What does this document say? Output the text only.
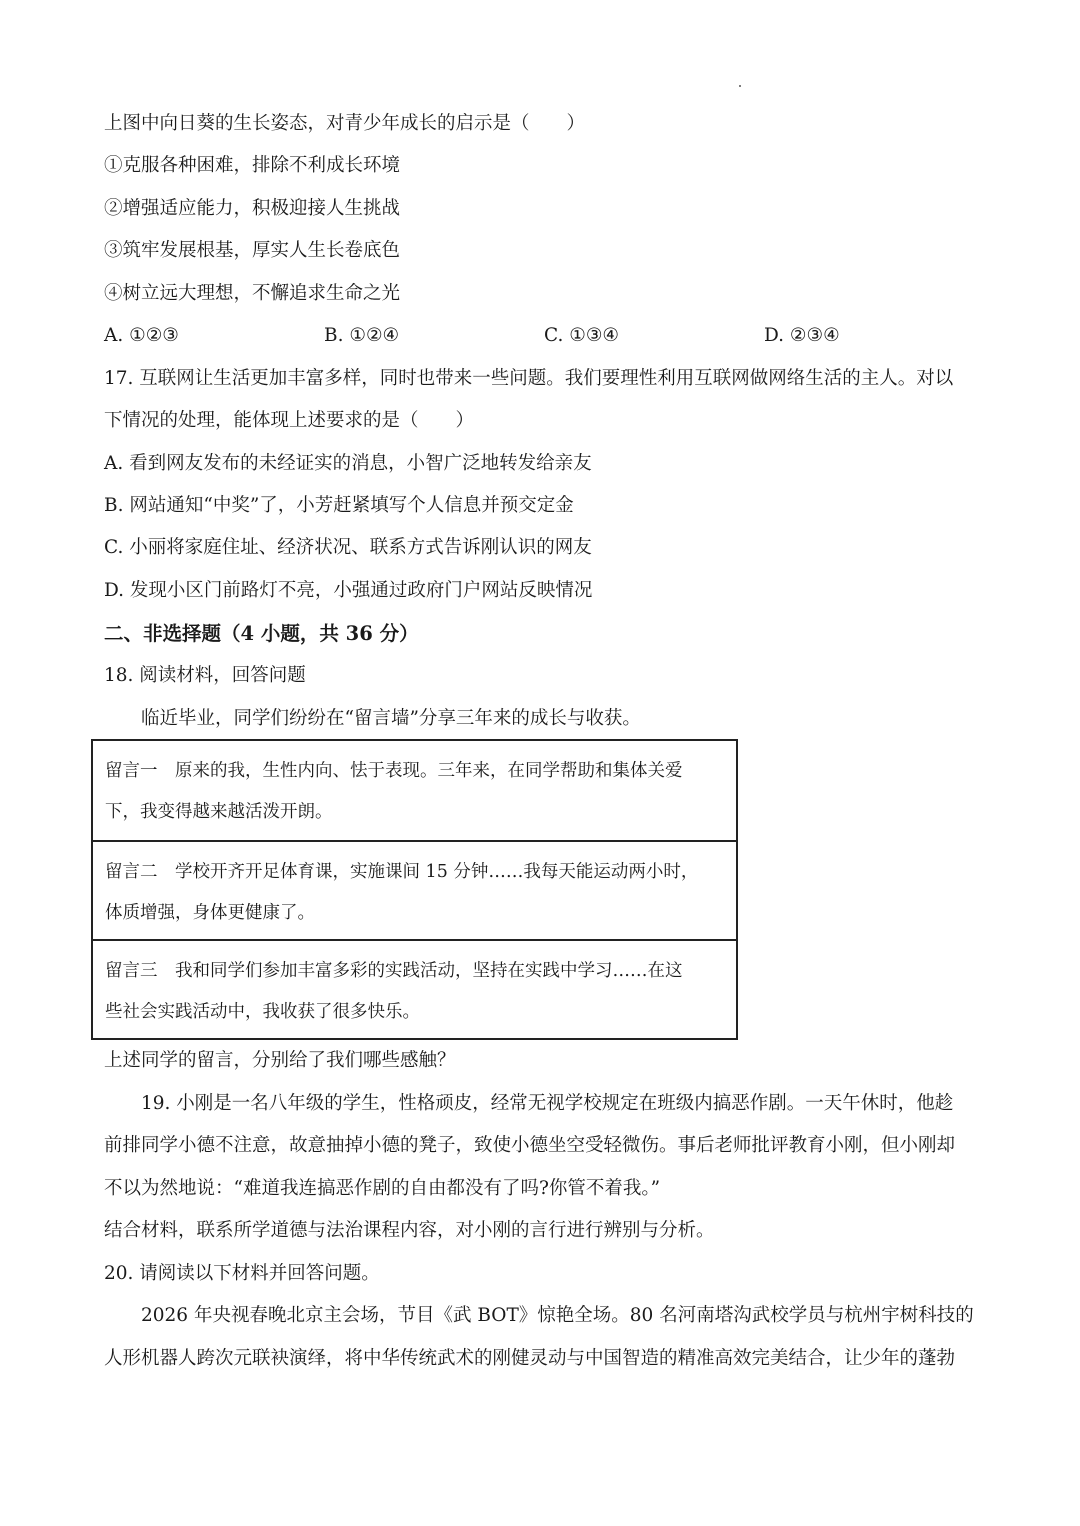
上图中向日葵的生长姿态，对青少年成长的启示是（　　）
①克服各种困难，排除不利成长环境
②增强适应能力，积极迎接人生挑战
③筑牢发展根基，厚实人生长卷底色
④树立远大理想，不懈追求生命之光
A. ①②③	B. ①②④	C. ①③④	D. ②③④
17. 互联网让生活更加丰富多样，同时也带来一些问题。我们要理性利用互联网做网络生活的主人。对以
下情况的处理，能体现上述要求的是（　　）
A. 看到网友发布的未经证实的消息，小智广泛地转发给亲友
B. 网站通知“中奖”了，小芳赶紧填写个人信息并预交定金
C. 小丽将家庭住址、经济状况、联系方式告诉刚认识的网友
D. 发现小区门前路灯不亮，小强通过政府门户网站反映情况
二、非选择题（4 小题，共 36 分）
18. 阅读材料，回答问题
临近毕业，同学们纷纷在“留言墙”分享三年来的成长与收获。
留言一　原来的我，生性内向、怯于表现。三年来，在同学帮助和集体关爱
下，我变得越来越活泼开朗。
留言二　学校开齐开足体育课，实施课间 15 分钟……我每天能运动两小时，
体质增强，身体更健康了。
留言三　我和同学们参加丰富多彩的实践活动，坚持在实践中学习……在这
些社会实践活动中，我收获了很多快乐。
上述同学的留言，分别给了我们哪些感触？
19. 小刚是一名八年级的学生，性格顽皮，经常无视学校规定在班级内搞恶作剧。一天午休时，他趁
前排同学小德不注意，故意抽掉小德的凳子，致使小德坐空受轻微伤。事后老师批评教育小刚，但小刚却
不以为然地说：“难道我连搞恶作剧的自由都没有了吗?你管不着我。”
结合材料，联系所学道德与法治课程内容，对小刚的言行进行辨别与分析。
20. 请阅读以下材料并回答问题。
2026 年央视春晚北京主会场，节目《武 BOT》惊艳全场。80 名河南塔沟武校学员与杭州宇树科技的
人形机器人跨次元联袂演绎，将中华传统武术的刚健灵动与中国智造的精准高效完美结合，让少年的蓬勃
